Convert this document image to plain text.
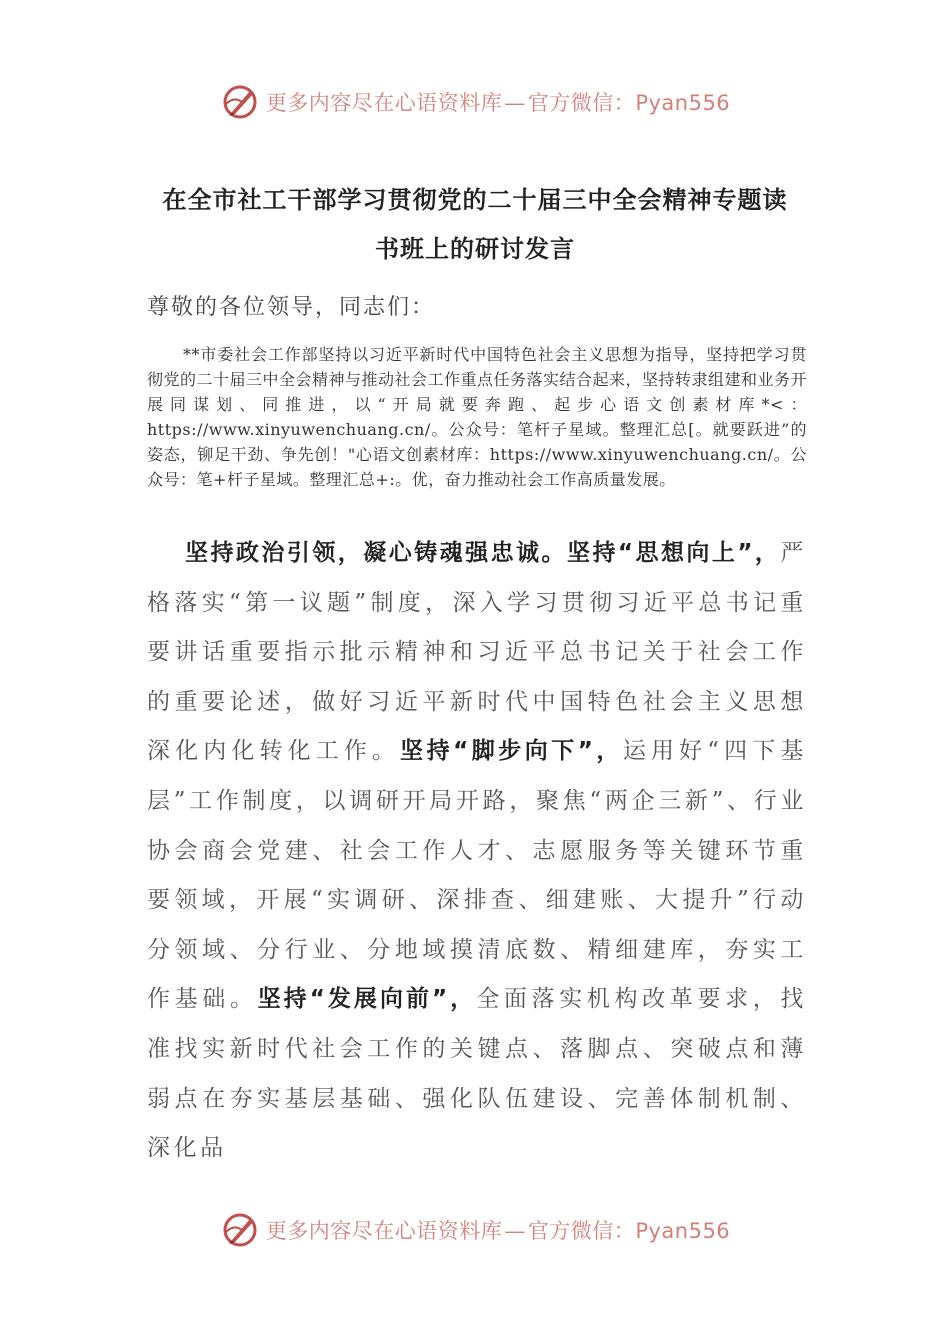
更多内容尽在心语资料库—官方微信：Pyan556
在全市社工干部学习贯彻党的二十届三中全会精神专题读
书班上的研讨发言
尊敬的各位领导，同志们：
**市委社会工作部坚持以习近平新时代中国特色社会主义思想为指导，坚持把学习贯彻党的二十届三中全会精神与推动社会工作重点任务落实结合起来，坚持转隶组建和业务开展同谋划、同推进，以“开局就要奔跑、起步心语文创素材库*<：https://www.xinyuwenchuang.cn/。公众号：笔杆子星域。整理汇总[。就要跃进”的姿态，铆足干劲、争先创！"心语文创素材库：https://www.xinyuwenchuang.cn/。公众号：笔+杆子星域。整理汇总+:。优，奋力推动社会工作高质量发展。
坚持政治引领，凝心铸魂强忠诚。坚持“思想向上”，严格落实“第一议题”制度，深入学习贯彻习近平总书记重要讲话重要指示批示精神和习近平总书记关于社会工作的重要论述，做好习近平新时代中国特色社会主义思想深化内化转化工作。坚持“脚步向下”，运用好“四下基层”工作制度，以调研开局开路，聚焦“两企三新”、行业协会商会党建、社会工作人才、志愿服务等关键环节重要领域，开展“实调研、深排查、细建账、大提升”行动分领域、分行业、分地域摸清底数、精细建库，夯实工作基础。坚持“发展向前”，全面落实机构改革要求，找准找实新时代社会工作的关键点、落脚点、突破点和薄弱点在夯实基层基础、强化队伍建设、完善体制机制、深化品
更多内容尽在心语资料库—官方微信：Pyan556
